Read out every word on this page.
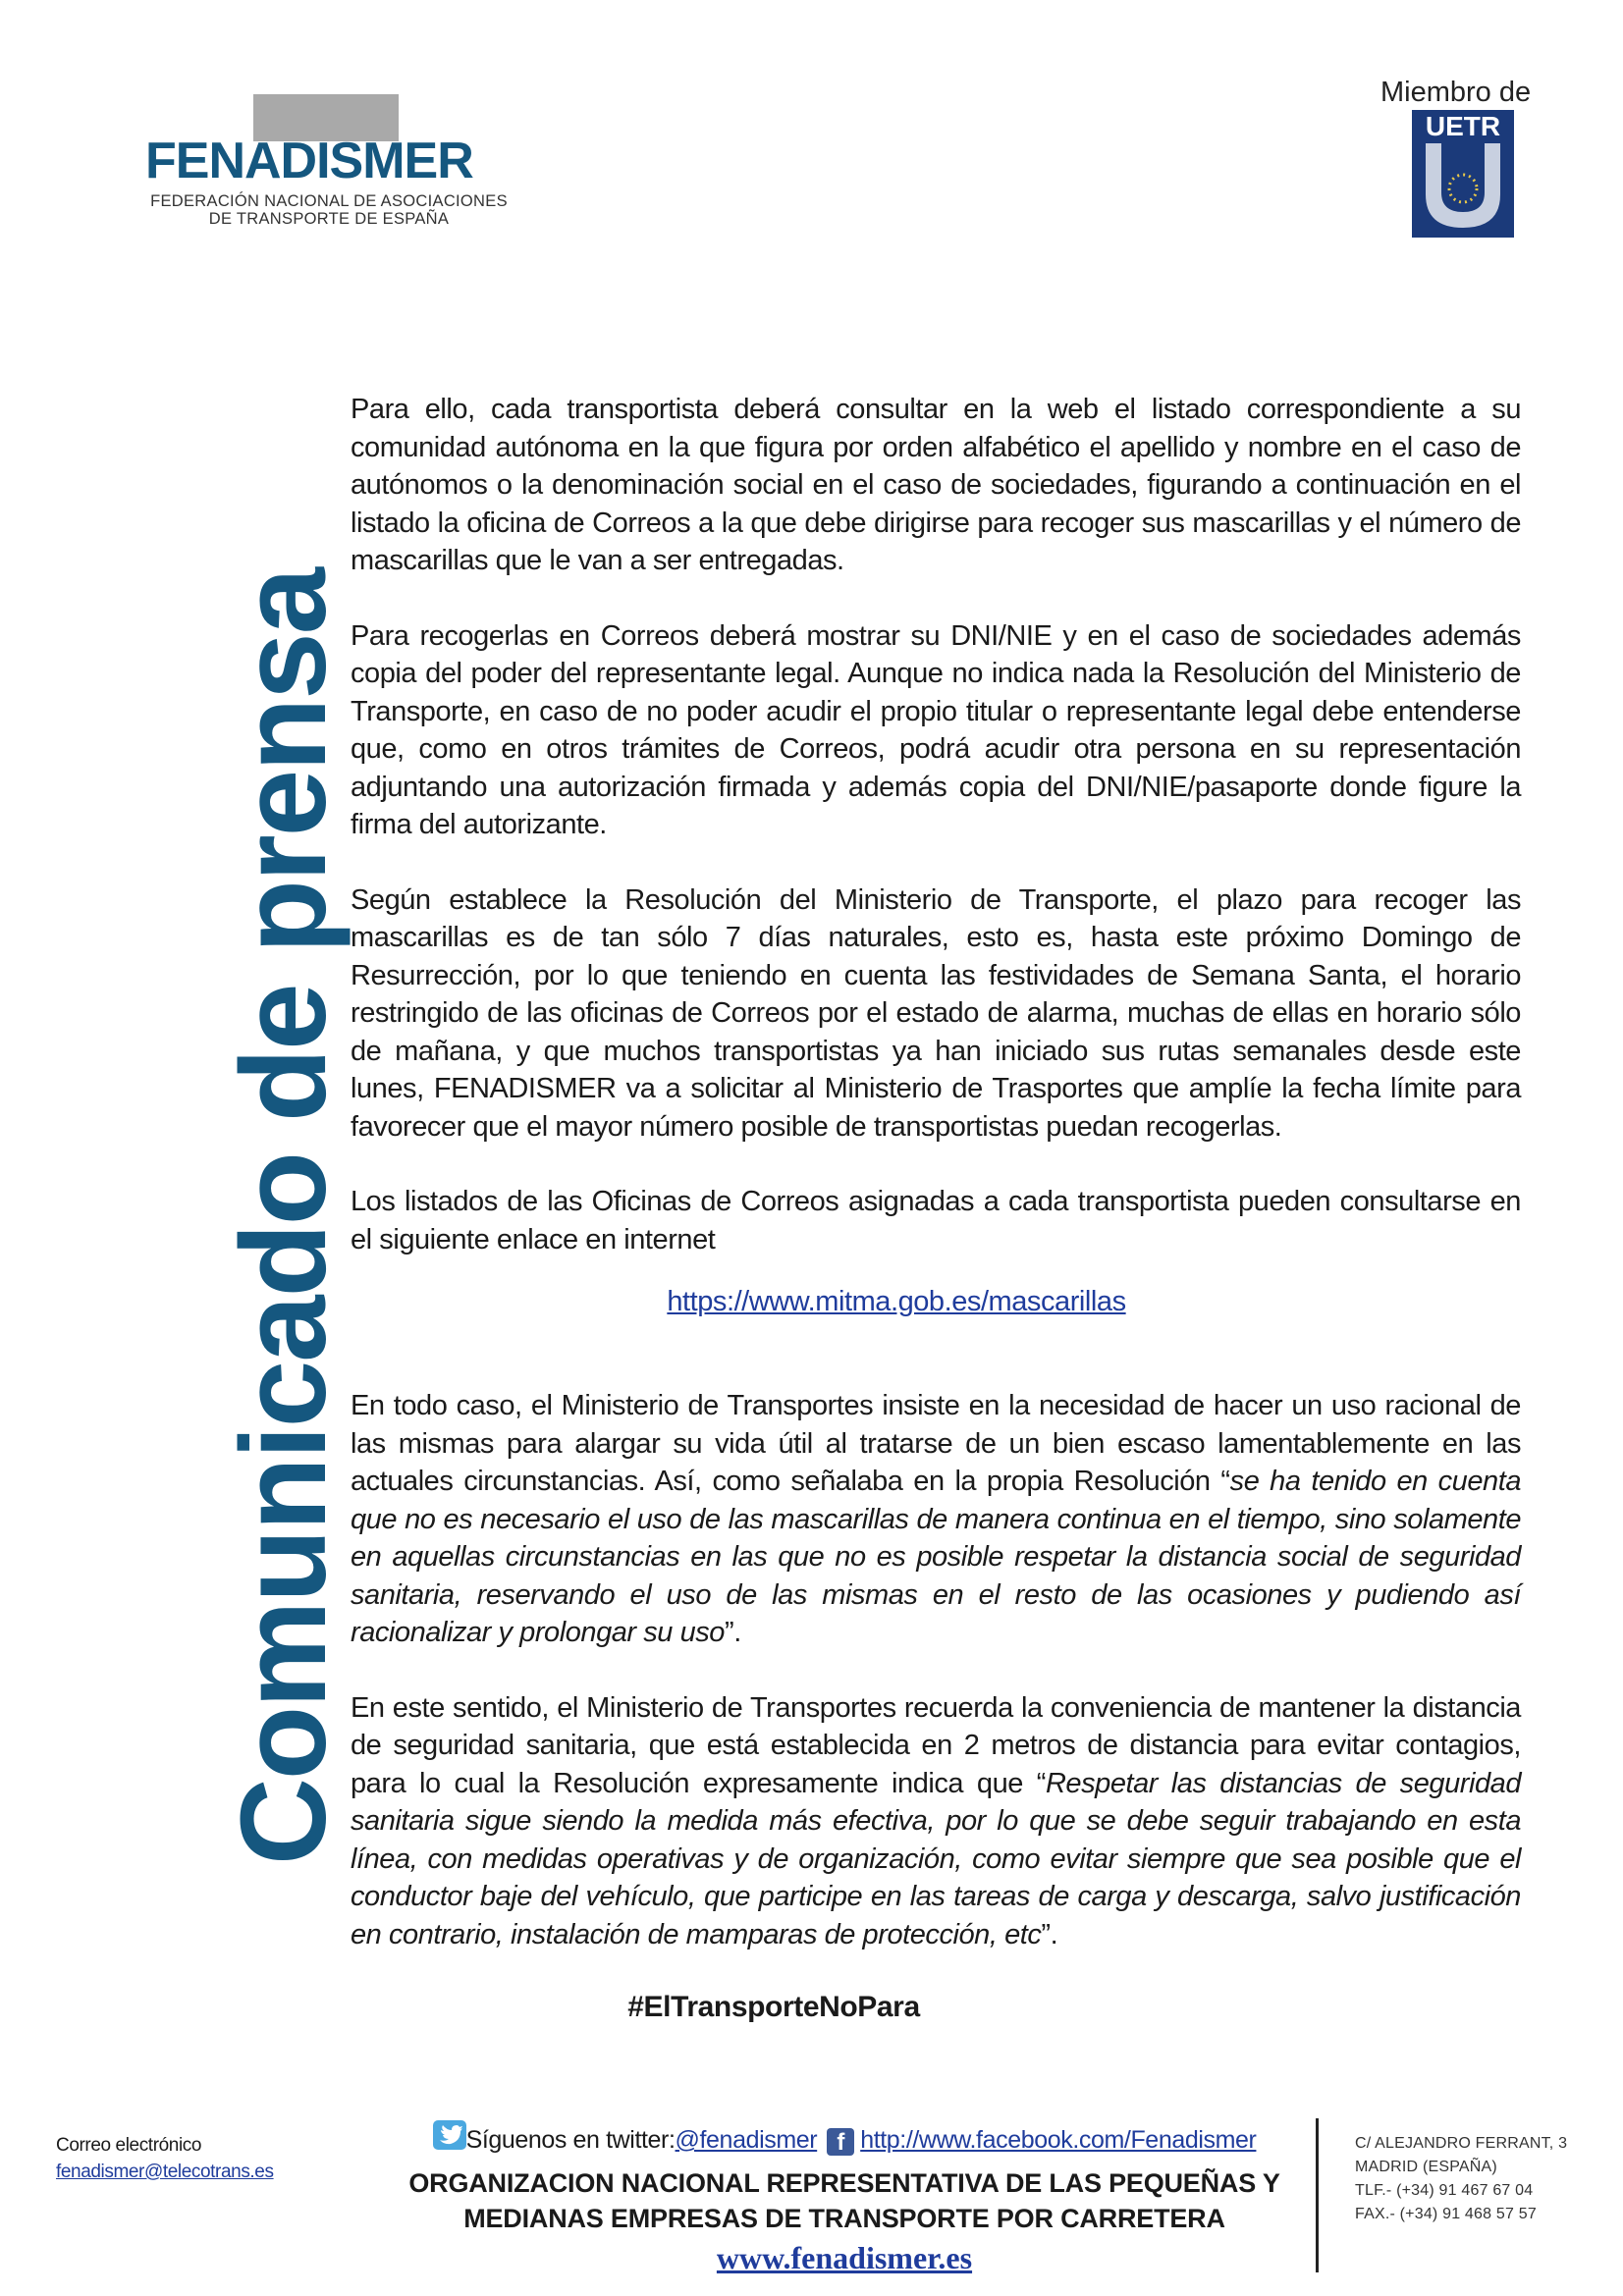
FENADISMER
FEDERACIÓN NACIONAL DE ASOCIACIONES
DE TRANSPORTE DE ESPAÑA
Miembro de
UETR
Comunicado de prensa

Para ello, cada transportista deberá consultar en la web el listado correspondiente a su comunidad autónoma en la que figura por orden alfabético el apellido y nombre en el caso de autónomos o la denominación social en el caso de sociedades, figurando a continuación en el listado la oficina de Correos a la que debe dirigirse para recoger sus mascarillas y el número de mascarillas que le van a ser entregadas.

Para recogerlas en Correos deberá mostrar su DNI/NIE y en el caso de sociedades además copia del poder del representante legal. Aunque no indica nada la Resolución del Ministerio de Transporte, en caso de no poder acudir el propio titular o representante legal debe entenderse que, como en otros trámites de Correos, podrá acudir otra persona en su representación adjuntando una autorización firmada y además copia del DNI/NIE/pasaporte donde figure la firma del autorizante.

Según establece la Resolución del Ministerio de Transporte, el plazo para recoger las mascarillas es de tan sólo 7 días naturales, esto es, hasta este próximo Domingo de Resurrección, por lo que teniendo en cuenta las festividades de Semana Santa, el horario restringido de las oficinas de Correos por el estado de alarma, muchas de ellas en horario sólo de mañana, y que muchos transportistas ya han iniciado sus rutas semanales desde este lunes, FENADISMER va a solicitar al Ministerio de Trasportes que amplíe la fecha límite para favorecer que el mayor número posible de transportistas puedan recogerlas.

Los listados de las Oficinas de Correos asignadas a cada transportista pueden consultarse en el siguiente enlace en internet

https://www.mitma.gob.es/mascarillas

En todo caso, el Ministerio de Transportes insiste en la necesidad de hacer un uso racional de las mismas para alargar su vida útil al tratarse de un bien escaso lamentablemente en las actuales circunstancias. Así, como señalaba en la propia Resolución “se ha tenido en cuenta que no es necesario el uso de las mascarillas de manera continua en el tiempo, sino solamente en aquellas circunstancias en las que no es posible respetar la distancia social de seguridad sanitaria, reservando el uso de las mismas en el resto de las ocasiones y pudiendo así racionalizar y prolongar su uso”.

En este sentido, el Ministerio de Transportes recuerda la conveniencia de mantener la distancia de seguridad sanitaria, que está establecida en 2 metros de distancia para evitar contagios, para lo cual la Resolución expresamente indica que “Respetar las distancias de seguridad sanitaria sigue siendo la medida más efectiva, por lo que se debe seguir trabajando en esta línea, con medidas operativas y de organización, como evitar siempre que sea posible que el conductor baje del vehículo, que participe en las tareas de carga y descarga, salvo justificación en contrario, instalación de mamparas de protección, etc”.

#ElTransporteNoPara
Correo electrónico
fenadismer@telecotrans.es
Síguenos en twitter:@fenadismer f http://www.facebook.com/Fenadismer
ORGANIZACION NACIONAL REPRESENTATIVA DE LAS PEQUEÑAS Y
MEDIANAS EMPRESAS DE TRANSPORTE POR CARRETERA
www.fenadismer.es
C/ ALEJANDRO FERRANT, 3
MADRID (ESPAÑA)
TLF.- (+34) 91 467 67 04
FAX.- (+34) 91 468 57 57
